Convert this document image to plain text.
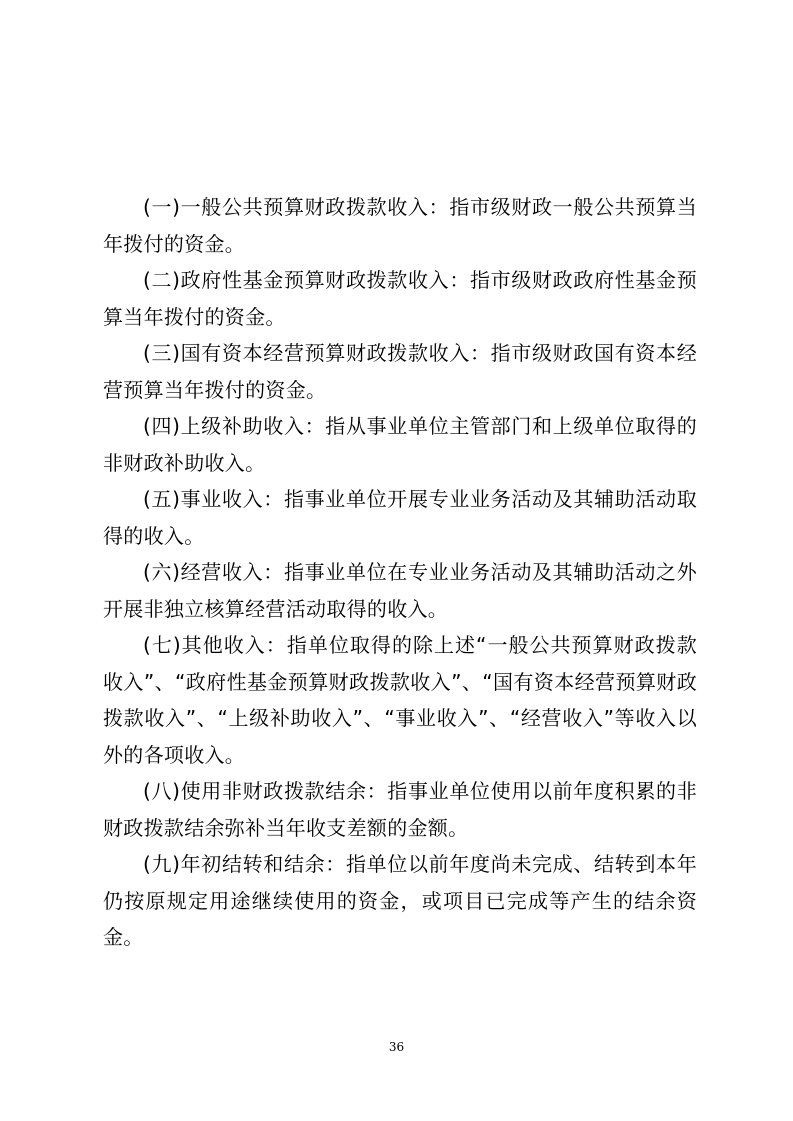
(一)一般公共预算财政拨款收入：指市级财政一般公共预算当年拨付的资金。

(二)政府性基金预算财政拨款收入：指市级财政政府性基金预算当年拨付的资金。

(三)国有资本经营预算财政拨款收入：指市级财政国有资本经营预算当年拨付的资金。

(四)上级补助收入：指从事业单位主管部门和上级单位取得的非财政补助收入。

(五)事业收入：指事业单位开展专业业务活动及其辅助活动取得的收入。

(六)经营收入：指事业单位在专业业务活动及其辅助活动之外开展非独立核算经营活动取得的收入。

(七)其他收入：指单位取得的除上述“一般公共预算财政拨款收入”、“政府性基金预算财政拨款收入”、“国有资本经营预算财政拨款收入”、“上级补助收入”、“事业收入”、“经营收入”等收入以外的各项收入。

(八)使用非财政拨款结余：指事业单位使用以前年度积累的非财政拨款结余弥补当年收支差额的金额。

(九)年初结转和结余：指单位以前年度尚未完成、结转到本年仍按原规定用途继续使用的资金，或项目已完成等产生的结余资金。

36
